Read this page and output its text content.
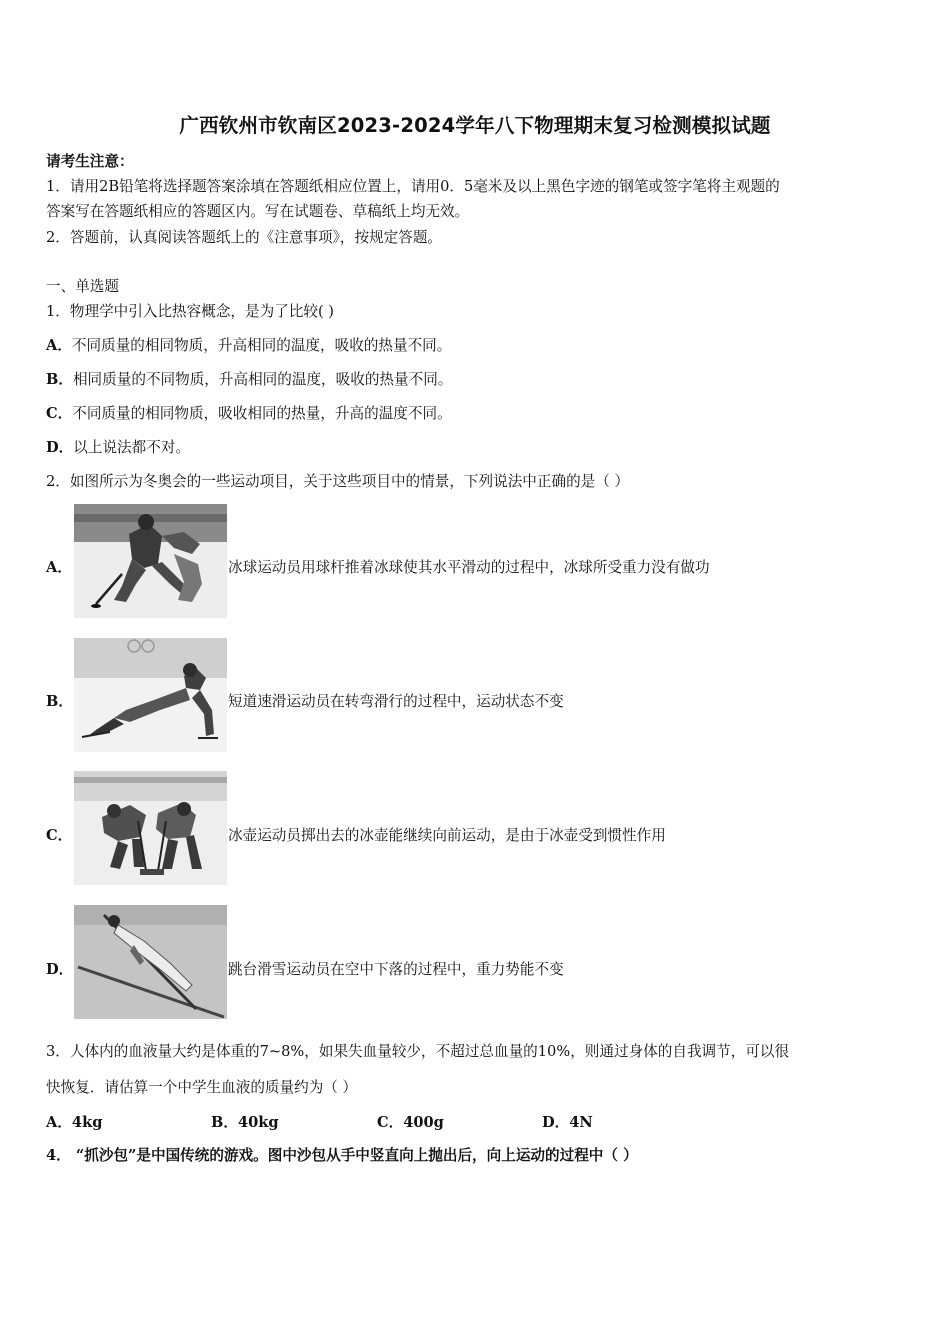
广西钦州市钦南区2023-2024学年八下物理期末复习检测模拟试题
请考生注意：
1．请用2B铅笔将选择题答案涂填在答题纸相应位置上，请用0．5毫米及以上黑色字迹的钢笔或签字笔将主观题的
答案写在答题纸相应的答题区内。写在试题卷、草稿纸上均无效。
2．答题前，认真阅读答题纸上的《注意事项》，按规定答题。
一、单选题
1．物理学中引入比热容概念，是为了比较( )
A．不同质量的相同物质，升高相同的温度，吸收的热量不同。
B．相同质量的不同物质，升高相同的温度，吸收的热量不同。
C．不同质量的相同物质，吸收相同的热量，升高的温度不同。
D．以上说法都不对。
2．如图所示为冬奥会的一些运动项目，关于这些项目中的情景，下列说法中正确的是（ ）
A．	冰球运动员用球杆推着冰球使其水平滑动的过程中，冰球所受重力没有做功
B．	短道速滑运动员在转弯滑行的过程中，运动状态不变
C．	冰壶运动员掷出去的冰壶能继续向前运动，是由于冰壶受到惯性作用
D．	跳台滑雪运动员在空中下落的过程中，重力势能不变
3．人体内的血液量大约是体重的7~8%，如果失血量较少，不超过总血量的10%，则通过身体的自我调节，可以很
快恢复．请估算一个中学生血液的质量约为（ ）
A．4kg	B．40kg	C．400g	D．4N
4． “抓沙包”是中国传统的游戏。图中沙包从手中竖直向上抛出后，向上运动的过程中（ ）
